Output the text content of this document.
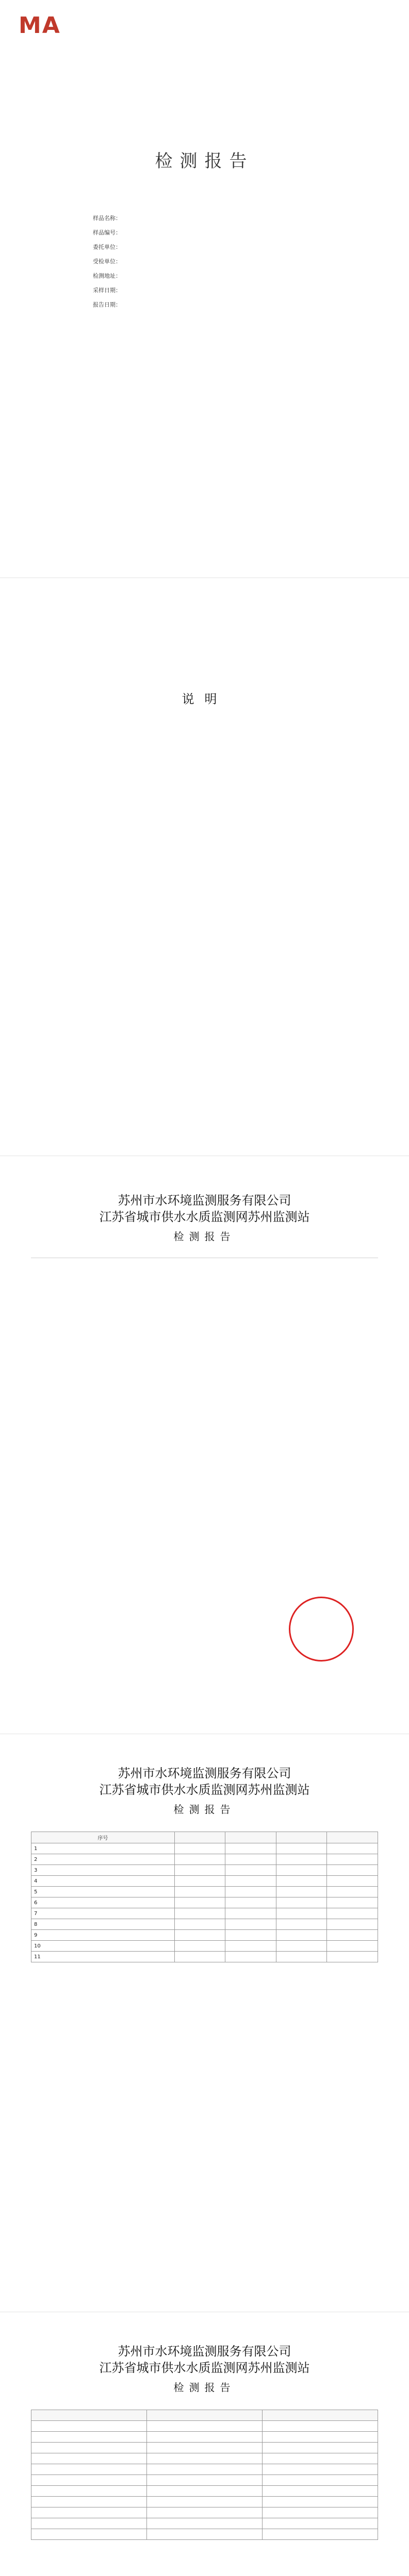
MA
检测报告
样品名称：
样品编号：
委托单位：
受检单位：
检测地址：
采样日期：
报告日期：
说明
苏州市水环境监测服务有限公司
江苏省城市供水水质监测网苏州监测站
检测报告
苏州市水环境监测服务有限公司
江苏省城市供水水质监测网苏州监测站
检测报告
序号				
1				
2				
3				
4				
5				
6				
7				
8				
9				
10				
11				
苏州市水环境监测服务有限公司
江苏省城市供水水质监测网苏州监测站
检测报告
